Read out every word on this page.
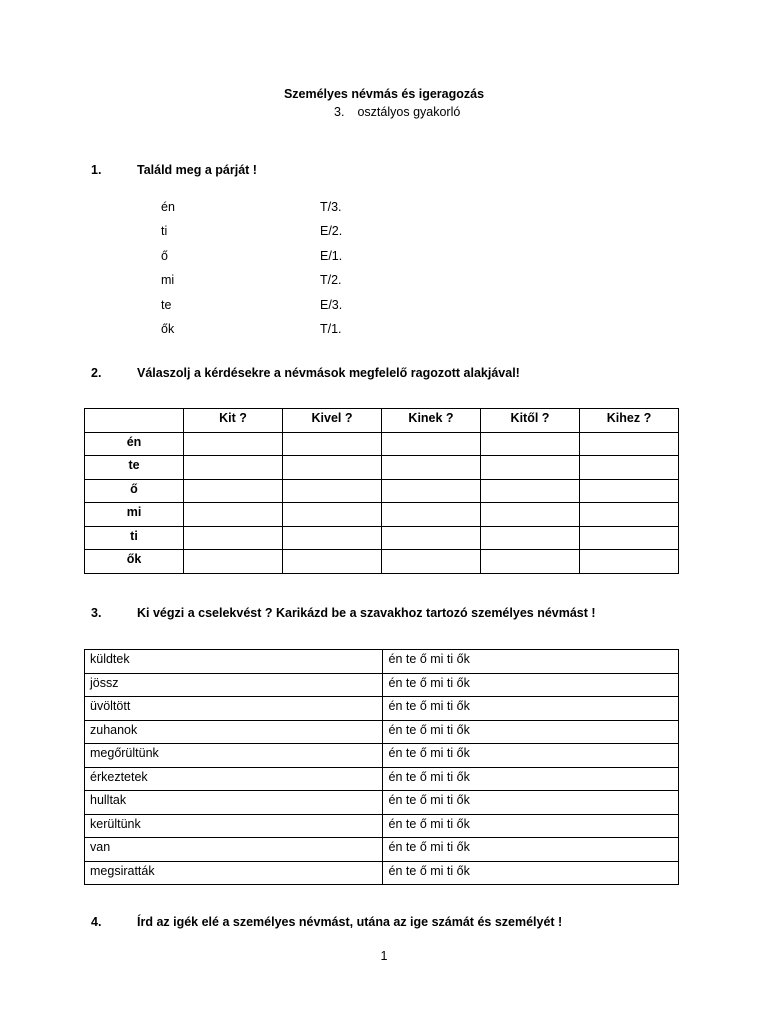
Személyes névmás és igeragozás
3. osztályos gyakorló
1.	Találd meg a párját !
én	T/3.
ti	E/2.
ő	E/1.
mi	T/2.
te	E/3.
ők	T/1.
2.	Válaszolj a kérdésekre a névmások megfelelő ragozott alakjával!
	Kit ?	Kivel ?	Kinek ?	Kitől ?	Kihez ?
én					
te					
ő					
mi					
ti					
ők					
3.	Ki végzi a cselekvést ? Karikázd be a szavakhoz tartozó személyes névmást !
küldtek	én te ő mi ti ők
jössz	én te ő mi ti ők
üvöltött	én te ő mi ti ők
zuhanok	én te ő mi ti ők
megőrültünk	én te ő mi ti ők
érkeztetek	én te ő mi ti ők
hulltak	én te ő mi ti ők
kerültünk	én te ő mi ti ők
van	én te ő mi ti ők
megsiratták	én te ő mi ti ők
4.	Írd az igék elé a személyes névmást, utána az ige számát és személyét !
1
